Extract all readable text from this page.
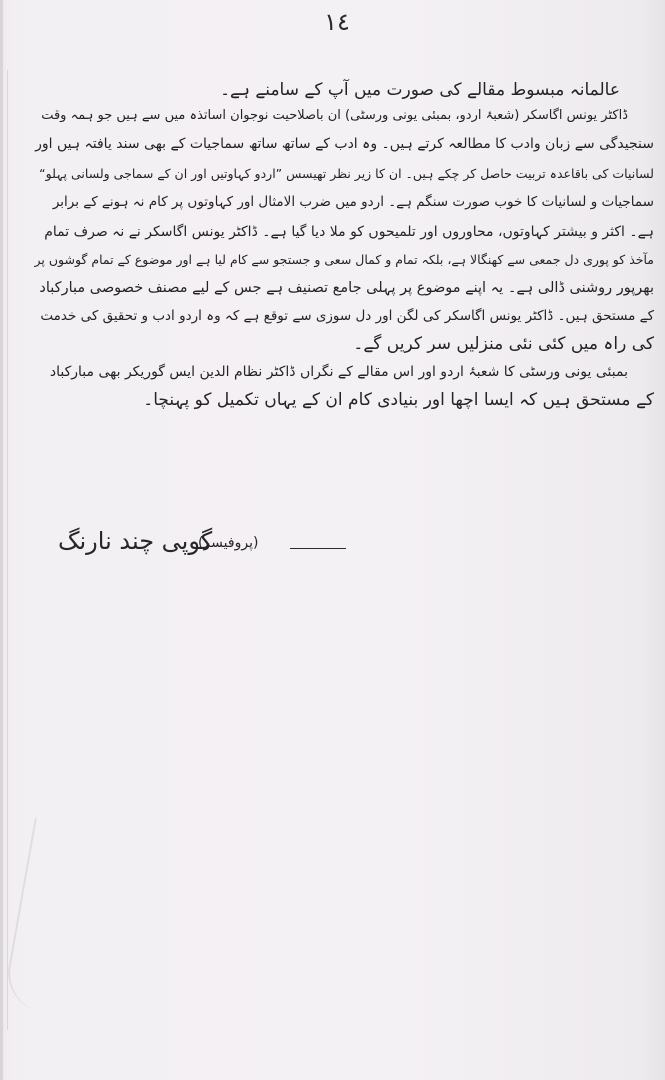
١٤
عالمانہ مبسوط مقالے کی صورت میں آپ کے سامنے ہے۔
ڈاکٹر یونس اگاسکر (شعبۂ اردو، بمبئی یونی ورسٹی) ان باصلاحیت نوجوان اساتذہ میں سے ہیں جو ہمہ وقت
سنجیدگی سے زبان وادب کا مطالعہ کرتے ہیں۔ وہ ادب کے ساتھ ساتھ سماجیات کے بھی سند یافتہ ہیں اور
لسانیات کی باقاعدہ تربیت حاصل کر چکے ہیں۔ ان کا زیر نظر تھیسس ”اردو کہاوتیں اور ان کے سماجی ولسانی پہلو“
سماجیات و لسانیات کا خوب صورت سنگم ہے۔ اردو میں ضرب الامثال اور کہاوتوں پر کام نہ ہونے کے برابر
ہے۔ اکثر و بیشتر کہاوتوں، محاوروں اور تلمیحوں کو ملا دیا گیا ہے۔ ڈاکٹر یونس اگاسکر نے نہ صرف تمام
مآخذ کو پوری دل جمعی سے کھنگالا ہے، بلکہ تمام و کمال سعی و جستجو سے کام لیا ہے اور موضوع کے تمام گوشوں پر
بھرپور روشنی ڈالی ہے۔ یہ اپنے موضوع پر پہلی جامع تصنیف ہے جس کے لیے مصنف خصوصی مبارکباد
کے مستحق ہیں۔ ڈاکٹر یونس اگاسکر کی لگن اور دل سوزی سے توقع ہے کہ وہ اردو ادب و تحقیق کی خدمت
کی راہ میں کئی نئی منزلیں سر کریں گے۔
بمبئی یونی ورسٹی کا شعبۂ اردو اور اس مقالے کے نگراں ڈاکٹر نظام الدین ایس گوریکر بھی مبارکباد
کے مستحق ہیں کہ ایسا اچھا اور بنیادی کام ان کے یہاں تکمیل کو پہنچا۔
(پروفیسر)
گوپی چند نارنگ
